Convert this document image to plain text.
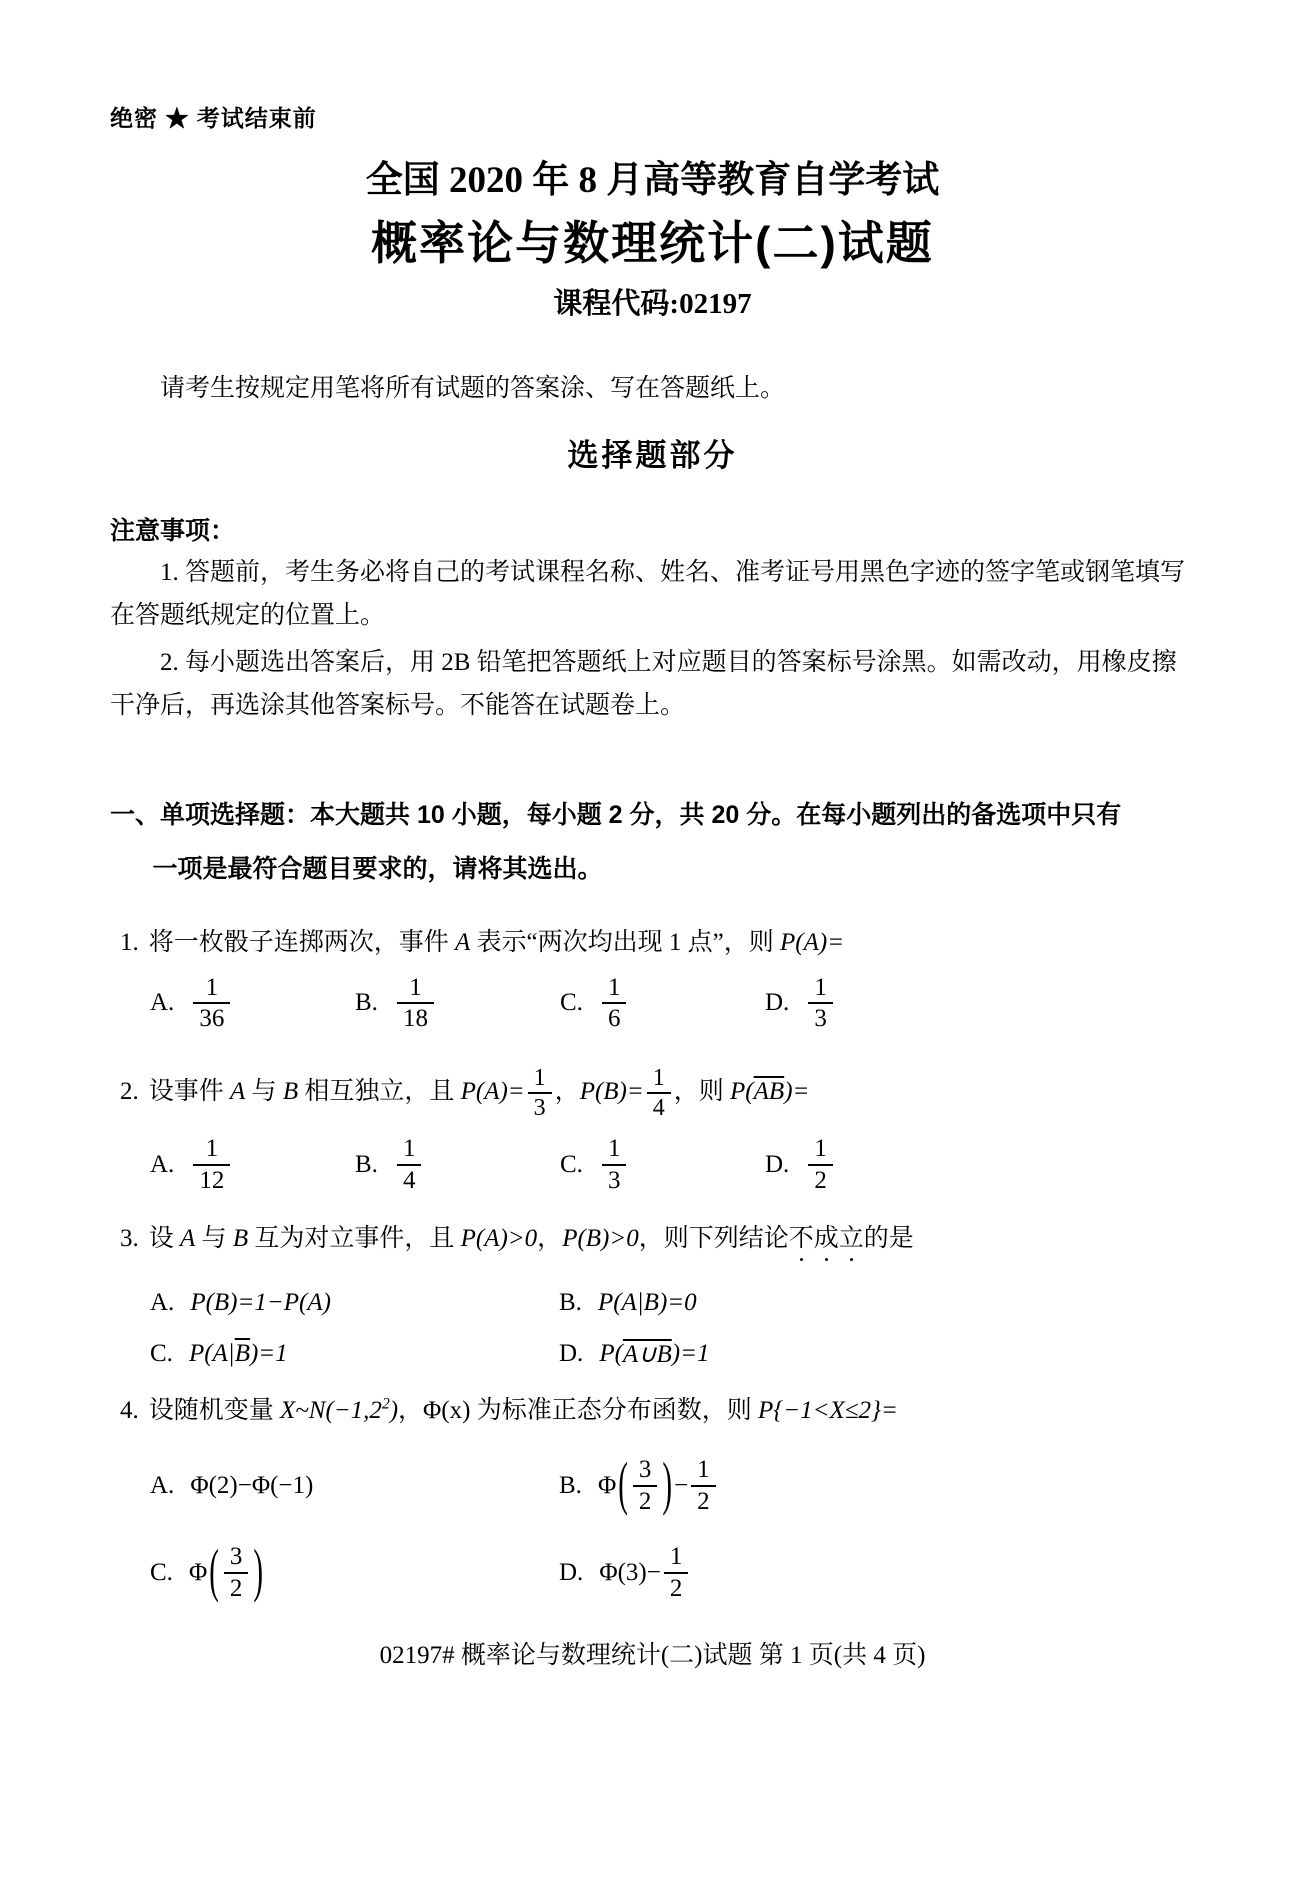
绝密 ★ 考试结束前
全国 2020 年 8 月高等教育自学考试
概率论与数理统计(二)试题
课程代码:02197

请考生按规定用笔将所有试题的答案涂、写在答题纸上。

选择题部分
注意事项：

1. 答题前，考生务必将自己的考试课程名称、姓名、准考证号用黑色字迹的签字笔或钢笔填写在答题纸规定的位置上。

2. 每小题选出答案后，用 2B 铅笔把答题纸上对应题目的答案标号涂黑。如需改动，用橡皮擦干净后，再选涂其他答案标号。不能答在试题卷上。

一、单项选择题：本大题共 10 小题，每小题 2 分，共 20 分。在每小题列出的备选项中只有一项是最符合题目要求的，请将其选出。
1. 将一枚骰子连掷两次，事件 A 表示“两次均出现 1 点”，则 P(A)=
A. $\frac{1}{36}$	B. $\frac{1}{18}$	C. $\frac{1}{6}$	D. $\frac{1}{3}$
2. 设事件 A 与 B 相互独立，且 $P(A)= \frac{1}{3}$ ，$P(B)= \frac{1}{4}$ ，则 $P(\overline{A}\overline{B})=$
A. $\frac{1}{12}$	B. $\frac{1}{4}$	C. $\frac{1}{3}$	D. $\frac{1}{2}$
3. 设 A 与 B 互为对立事件，且 P(A)>0，P(B)>0，则下列结论不成立的是
A. P(B)=1−P(A)	B. P(A|B)=0
C. P(A| $\overline{B}$ )=1	D. P( A∪B )=1
4. 设随机变量 $X\sim N(-1,2^2)$，Φ(x) 为标准正态分布函数，则 P{−1<X≤2}=
A. Φ(2)−Φ(−1)	B. Φ ( $\frac{3}{2}$ ) − $\frac{1}{2}$
C. Φ ( $\frac{3}{2}$ )	D. $\Phi(3)- \frac{1}{2}$
02197# 概率论与数理统计(二)试题 第 1 页(共 4 页)
